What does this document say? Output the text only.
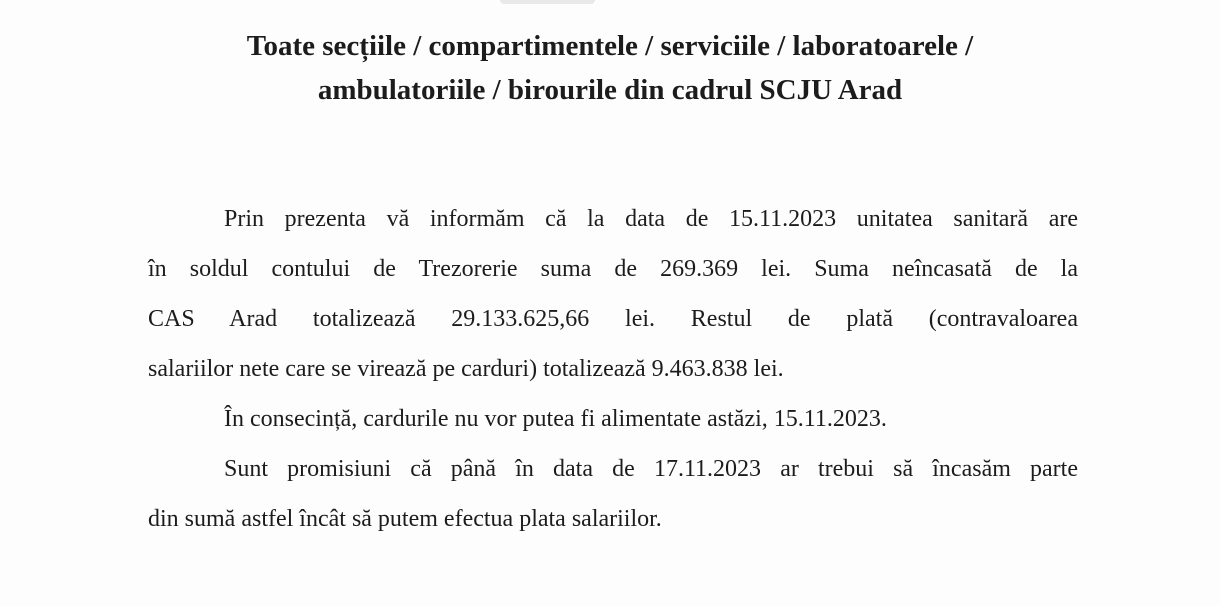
Toate secțiile / compartimentele / serviciile / laboratoarele /
ambulatoriile / birourile din cadrul SCJU Arad
Prin prezenta vă informăm că la data de 15.11.2023 unitatea sanitară are
în soldul contului de Trezorerie suma de 269.369 lei. Suma neîncasată de la
CAS Arad totalizează 29.133.625,66 lei. Restul de plată (contravaloarea
salariilor nete care se virează pe carduri) totalizează 9.463.838 lei.
În consecință, cardurile nu vor putea fi alimentate astăzi, 15.11.2023.
Sunt promisiuni că până în data de 17.11.2023 ar trebui să încasăm parte
din sumă astfel încât să putem efectua plata salariilor.
